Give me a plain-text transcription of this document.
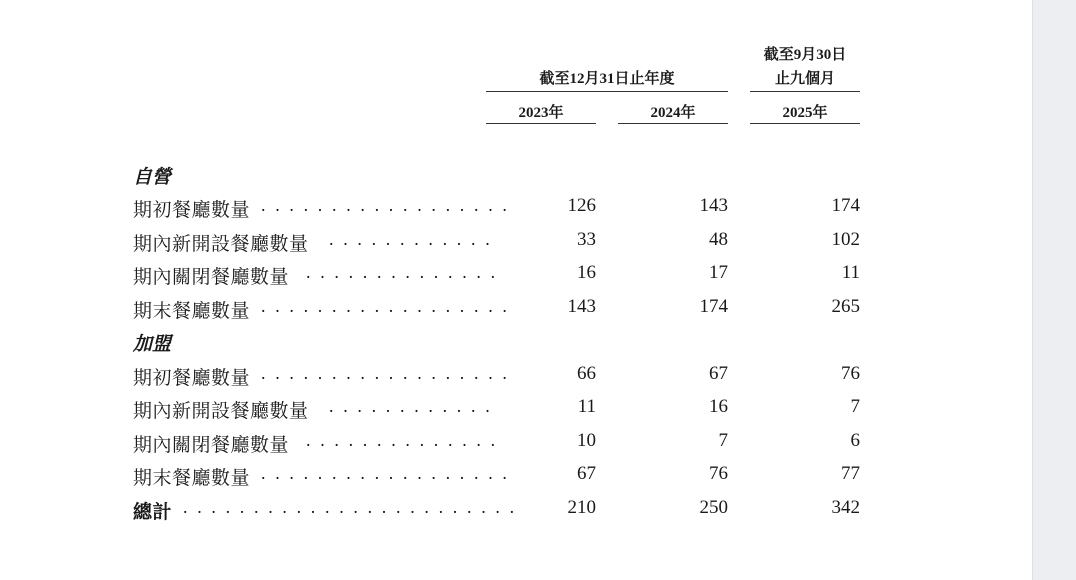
截至9月30日
止九個月
截至12月31日止年度
2023年	2024年	2025年
自營
期初餐廳數量 . . . . . . . . . . . . . . . . . .	126	143	174
期內新開設餐廳數量 . . . . . . . . . . . .	33	48	102
期內關閉餐廳數量 . . . . . . . . . . . . . .	16	17	11
期末餐廳數量 . . . . . . . . . . . . . . . . . .	143	174	265
加盟
期初餐廳數量 . . . . . . . . . . . . . . . . . .	66	67	76
期內新開設餐廳數量 . . . . . . . . . . . .	11	16	7
期內關閉餐廳數量 . . . . . . . . . . . . . .	10	7	6
期末餐廳數量 . . . . . . . . . . . . . . . . . .	67	76	77
總計 . . . . . . . . . . . . . . . . . . . . . . . .	210	250	342
